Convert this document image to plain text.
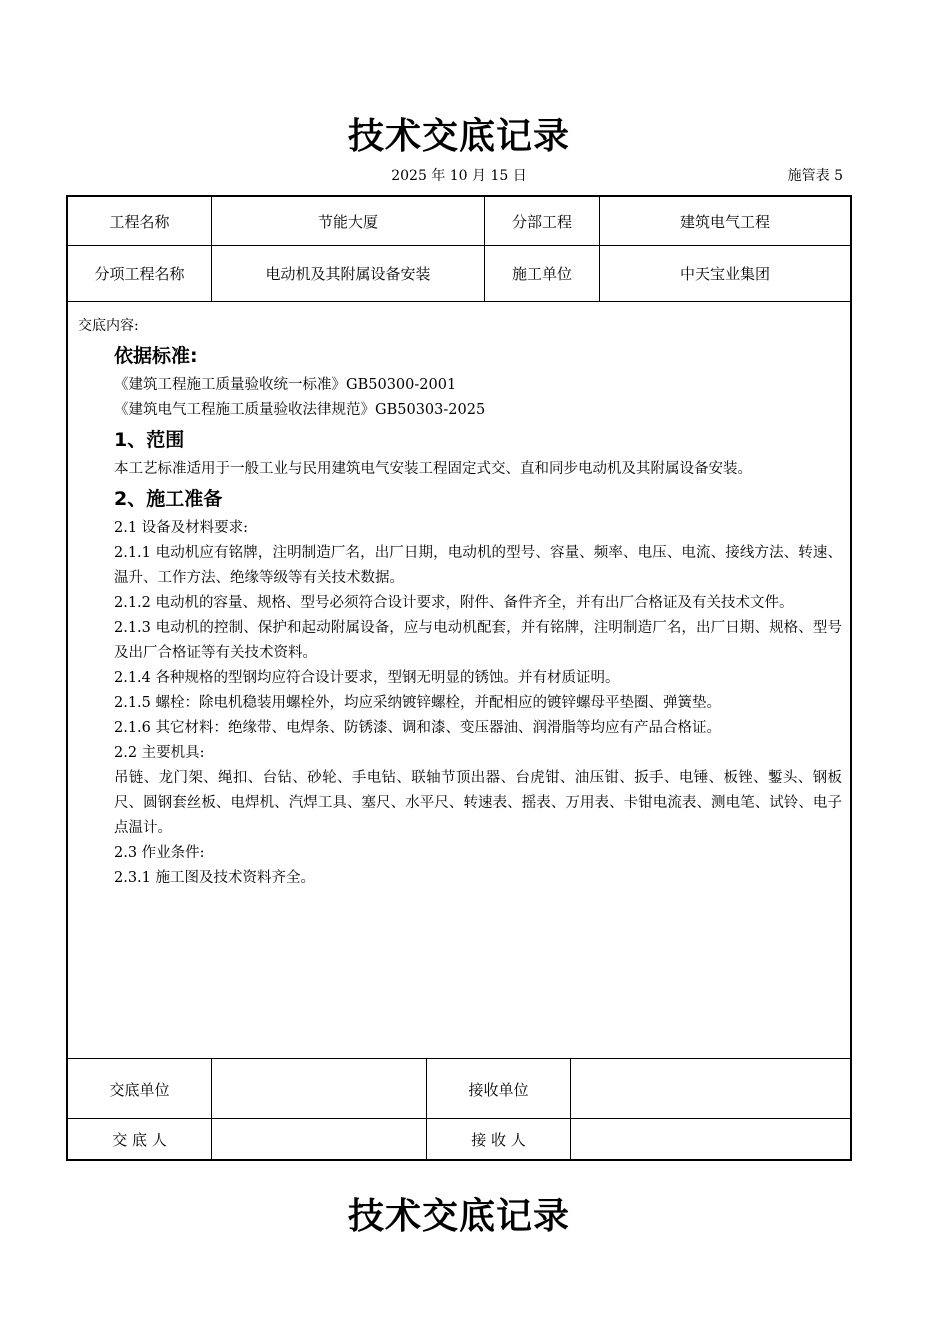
技术交底记录
2025 年 10 月 15 日	施管表 5
工程名称	节能大厦	分部工程	建筑电气工程
分项工程名称	电动机及其附属设备安装	施工单位	中天宝业集团
交底内容:
依据标准:
《建筑工程施工质量验收统一标准》GB50300-2001
《建筑电气工程施工质量验收法律规范》GB50303-2025
1、范围
本工艺标准适用于一般工业与民用建筑电气安装工程固定式交、直和同步电动机及其附属设备安装。
2、施工准备
2.1 设备及材料要求:
2.1.1 电动机应有铭牌，注明制造厂名，出厂日期，电动机的型号、容量、频率、电压、电流、接线方法、转速、温升、工作方法、绝缘等级等有关技术数据。
2.1.2 电动机的容量、规格、型号必须符合设计要求，附件、备件齐全，并有出厂合格证及有关技术文件。
2.1.3 电动机的控制、保护和起动附属设备，应与电动机配套，并有铭牌，注明制造厂名，出厂日期、规格、型号及出厂合格证等有关技术资料。
2.1.4 各种规格的型钢均应符合设计要求，型钢无明显的锈蚀。并有材质证明。
2.1.5 螺栓：除电机稳装用螺栓外，均应采纳镀锌螺栓，并配相应的镀锌螺母平垫圈、弹簧垫。
2.1.6 其它材料：绝缘带、电焊条、防锈漆、调和漆、变压器油、润滑脂等均应有产品合格证。
2.2 主要机具:
吊链、龙门架、绳扣、台钻、砂轮、手电钻、联轴节顶出器、台虎钳、油压钳、扳手、电锤、板锉、鏨头、钢板尺、圆钢套丝板、电焊机、汽焊工具、塞尺、水平尺、转速表、摇表、万用表、卡钳电流表、测电笔、试铃、电子点温计。
2.3 作业条件:
2.3.1 施工图及技术资料齐全。
交底单位	接收单位
交 底 人	接 收 人
技术交底记录
